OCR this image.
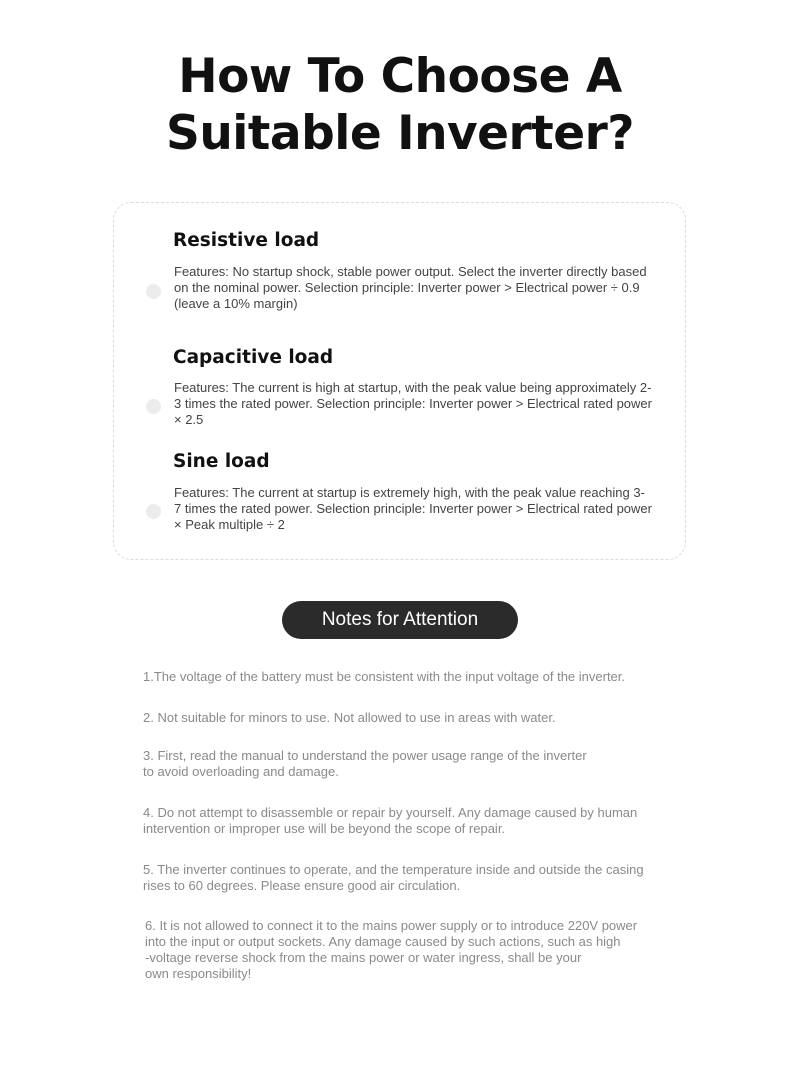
How To Choose A
Suitable Inverter?
Resistive load
Features: No startup shock, stable power output. Select the inverter directly based on the nominal power. Selection principle: Inverter power > Electrical power ÷ 0.9 (leave a 10% margin)
Capacitive load
Features: The current is high at startup, with the peak value being approximately 2-3 times the rated power. Selection principle: Inverter power > Electrical rated power × 2.5
Sine load
Features: The current at startup is extremely high, with the peak value reaching 3-7 times the rated power. Selection principle: Inverter power > Electrical rated power × Peak multiple ÷ 2
Notes for Attention
1.The voltage of the battery must be consistent with the input voltage of the inverter.
2. Not suitable for minors to use. Not allowed to use in areas with water.
3. First, read the manual to understand the power usage range of the inverter
to avoid overloading and damage.
4. Do not attempt to disassemble or repair by yourself. Any damage caused by human
intervention or improper use will be beyond the scope of repair.
5. The inverter continues to operate, and the temperature inside and outside the casing
rises to 60 degrees. Please ensure good air circulation.
6. It is not allowed to connect it to the mains power supply or to introduce 220V power
into the input or output sockets. Any damage caused by such actions, such as high
-voltage reverse shock from the mains power or water ingress, shall be your
own responsibility!
